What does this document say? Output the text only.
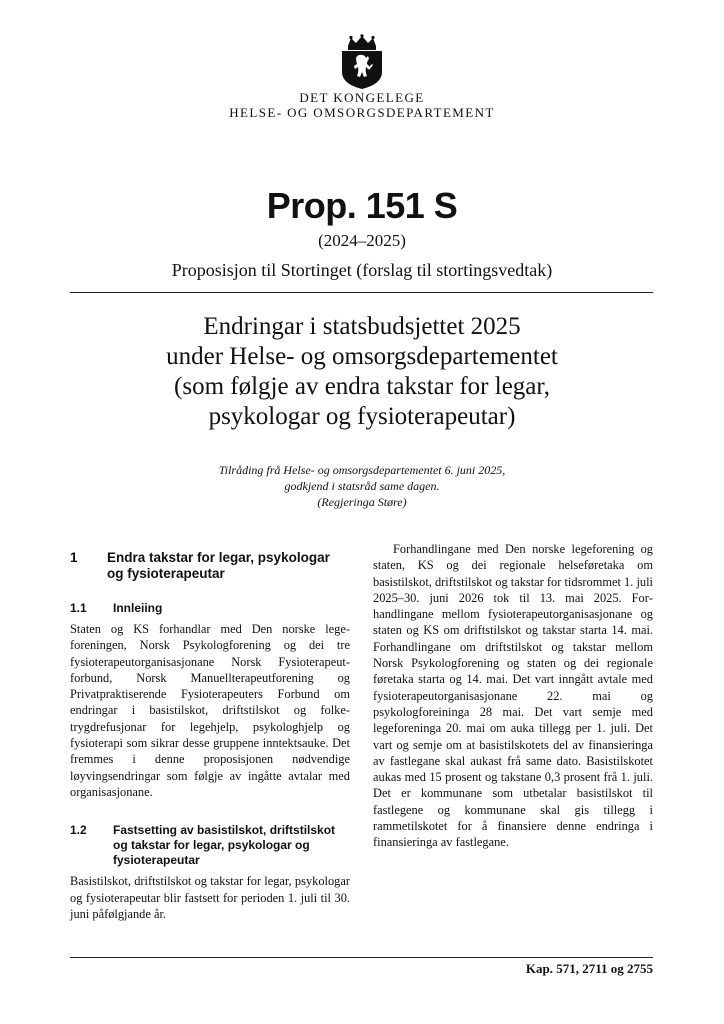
DET KONGELEGE
HELSE- OG OMSORGSDEPARTEMENT
Prop. 151 S
(2024–2025)
Proposisjon til Stortinget (forslag til stortingsvedtak)
Endringar i statsbudsjettet 2025
under Helse- og omsorgsdepartementet
(som følgje av endra takstar for legar,
psykologar og fysioterapeutar)
Tilråding frå Helse- og omsorgsdepartementet 6. juni 2025,
godkjend i statsråd same dagen.
(Regjeringa Støre)
1	Endra takstar for legar, psykologar og fysioterapeutar
1.1	Innleiing

Staten og KS forhandlar med Den norske legeforeningen, Norsk Psykologforening og dei tre fysioterapeutorganisasjonane Norsk Fysioterapeutforbund, Norsk Manuellterapeutforening og Privatpraktiserende Fysioterapeuters Forbund om endringar i basistilskot, driftstilskot og folketrygdrefusjonar for legehjelp, psykologhjelp og fysioterapi som sikrar desse gruppene inntektsauke. Det fremmes i denne proposisjonen nødvendige løyvingsendringar som følgje av ingåtte avtalar med organisasjonane.

1.2	Fastsetting av basistilskot, driftstilskot og takstar for legar, psykologar og fysioterapeutar

Basistilskot, driftstilskot og takstar for legar, psykologar og fysioterapeutar blir fastsett for perioden 1. juli til 30. juni påfølgjande år.

Forhandlingane med Den norske legeforening og staten, KS og dei regionale helseføretaka om basistilskot, driftstilskot og takstar for tidsrommet 1. juli 2025–30. juni 2026 tok til 13. mai 2025. Forhandlingane mellom fysioterapeutorganisasjonane og staten og KS om driftstilskot og takstar starta 14. mai. Forhandlingane om driftstilskot og takstar mellom Norsk Psykologforening og staten og dei regionale føretaka starta og 14. mai. Det vart inngått avtale med fysioterapeutorganisasjonane 22. mai og psykologforeininga 28 mai. Det vart semje med legeforeninga 20. mai om auka tillegg per 1. juli. Det vart og semje om at basistilskotets del av finansieringa av fastlegane skal aukast frå same dato. Basistilskotet aukas med 15 prosent og takstane 0,3 prosent frå 1. juli. Det er kommunane som utbetalar basistilskot til fastlegene og kommunane skal gis tillegg i rammetilskotet for å finansiere denne endringa i finansieringa av fastlegane.

Kap. 571, 2711 og 2755
